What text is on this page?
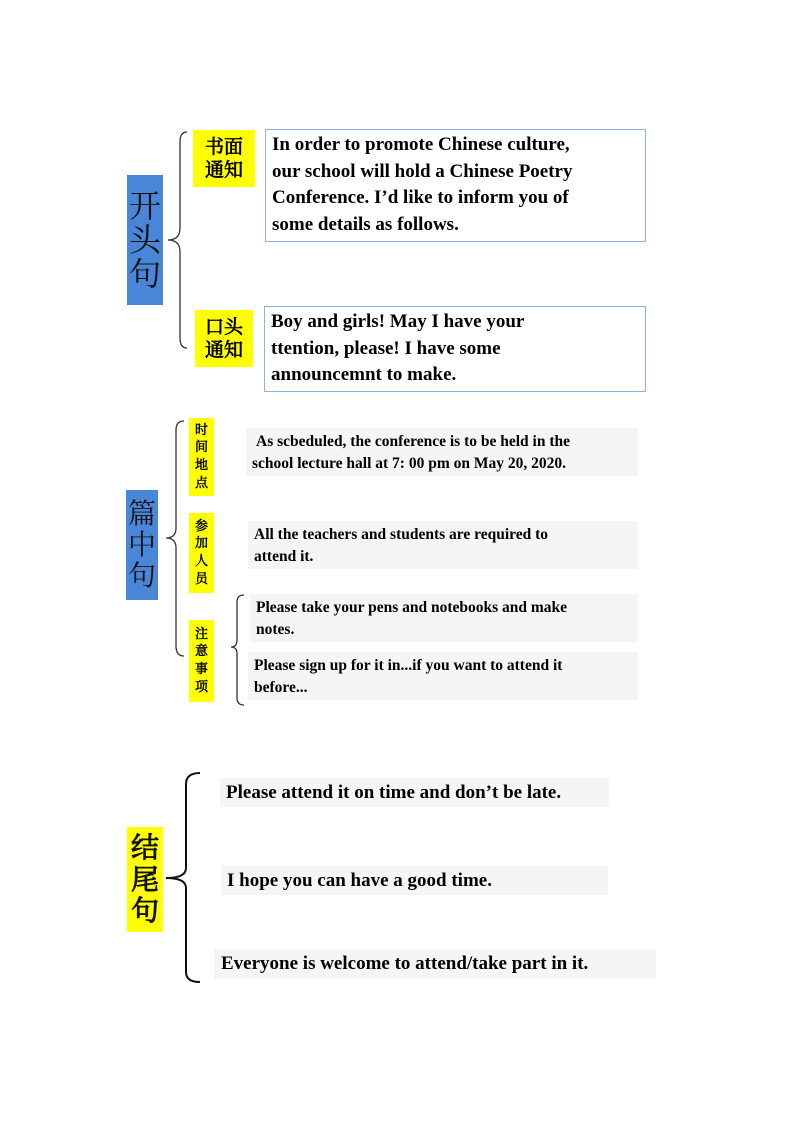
开
头
句
书面
通知
In order to promote Chinese culture,
our school will hold a Chinese Poetry
Conference. I’d like to inform you of
some details as follows.
口头
通知
Boy and girls! May I have your
ttention, please! I have some
announcemnt to make.
篇
中
句
时
间
地
点
As scbeduled, the conference is to be held in the
school lecture hall at 7: 00 pm on May 20, 2020.
参
加
人
员
All the teachers and students are required to
attend it.
注
意
事
项
Please take your pens and notebooks and make
notes.
Please sign up for it in...if you want to attend it
before...
结
尾
句
Please attend it on time and don’t be late.
I hope you can have a good time.
Everyone is welcome to attend/take part in it.
